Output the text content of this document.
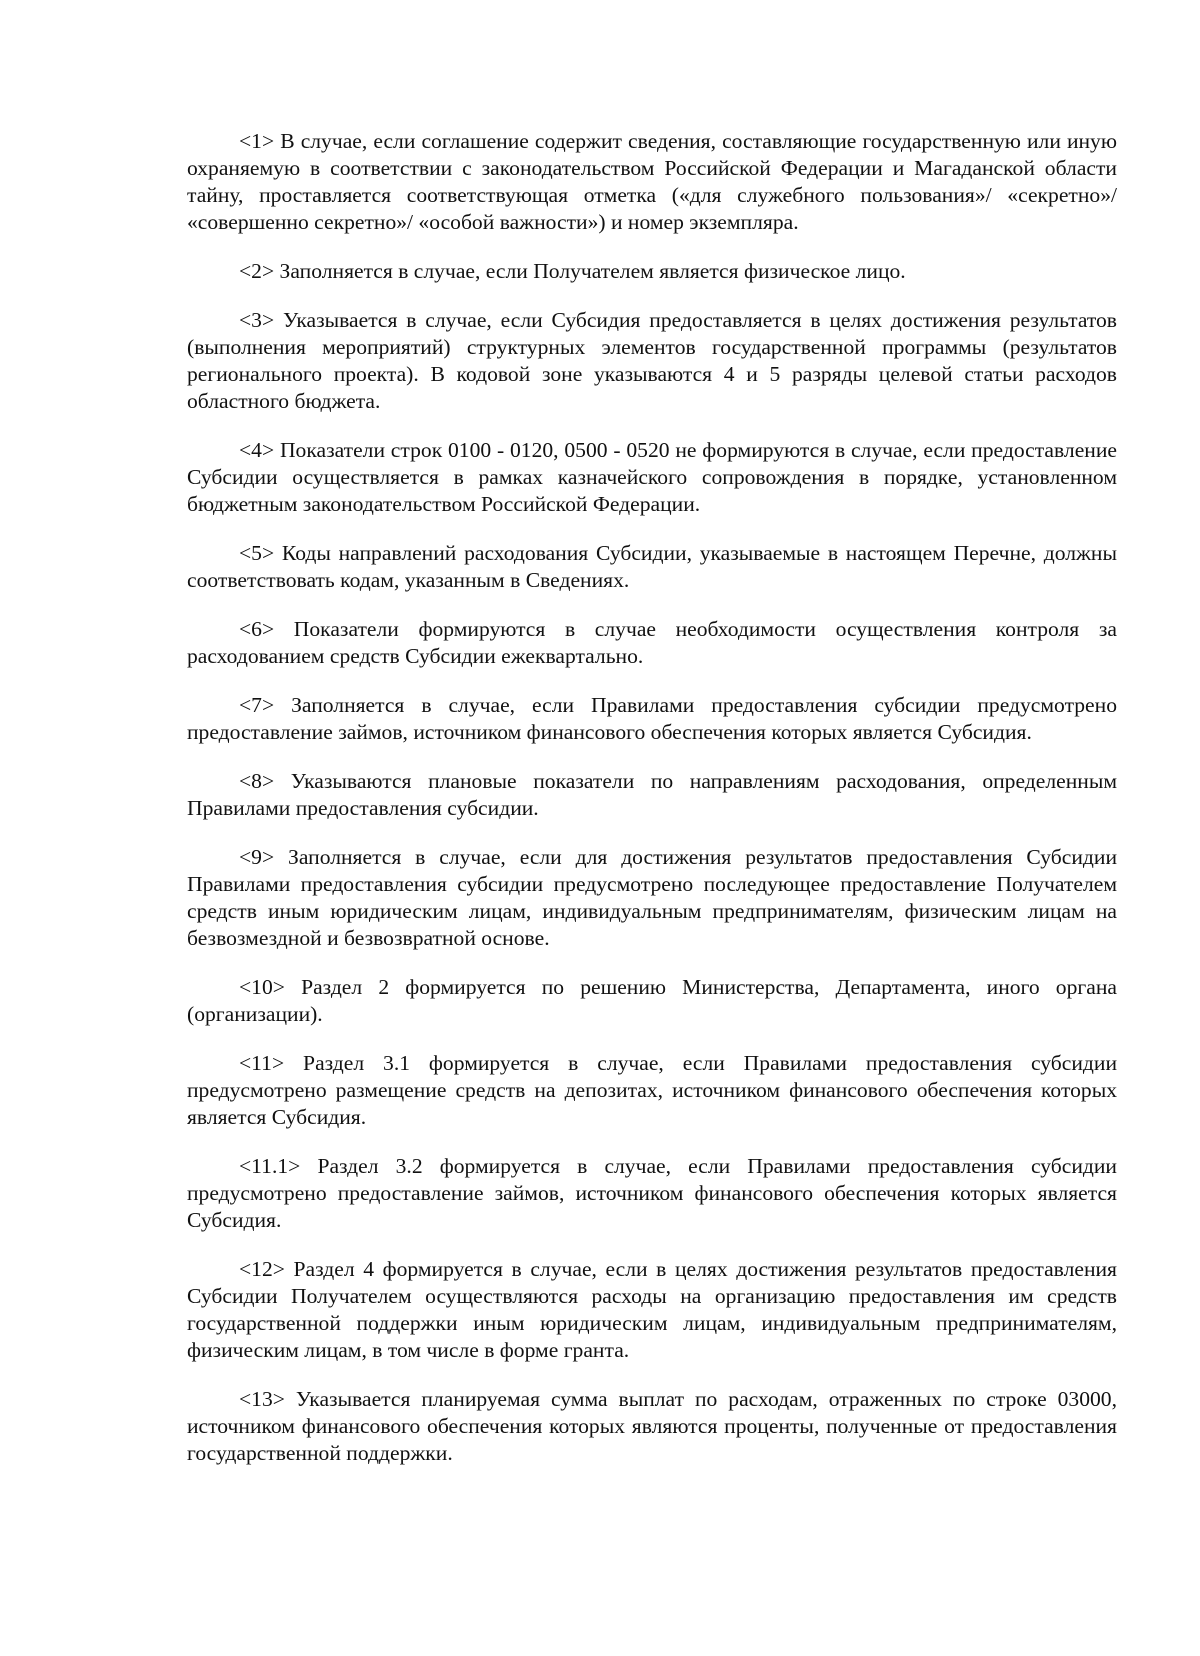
<1> В случае, если соглашение содержит сведения, составляющие государственную или иную охраняемую в соответствии с законодательством Российской Федерации и Магаданской области тайну, проставляется соответствующая отметка («для служебного пользования»/ «секретно»/ «совершенно секретно»/ «особой важности») и номер экземпляра.

<2> Заполняется в случае, если Получателем является физическое лицо.

<3> Указывается в случае, если Субсидия предоставляется в целях достижения результатов (выполнения мероприятий) структурных элементов государственной программы (результатов регионального проекта). В кодовой зоне указываются 4 и 5 разряды целевой статьи расходов областного бюджета.

<4> Показатели строк 0100 - 0120, 0500 - 0520 не формируются в случае, если предоставление Субсидии осуществляется в рамках казначейского сопровождения в порядке, установленном бюджетным законодательством Российской Федерации.

<5> Коды направлений расходования Субсидии, указываемые в настоящем Перечне, должны соответствовать кодам, указанным в Сведениях.

<6> Показатели формируются в случае необходимости осуществления контроля за расходованием средств Субсидии ежеквартально.

<7> Заполняется в случае, если Правилами предоставления субсидии предусмотрено предоставление займов, источником финансового обеспечения которых является Субсидия.

<8> Указываются плановые показатели по направлениям расходования, определенным Правилами предоставления субсидии.

<9> Заполняется в случае, если для достижения результатов предоставления Субсидии Правилами предоставления субсидии предусмотрено последующее предоставление Получателем средств иным юридическим лицам, индивидуальным предпринимателям, физическим лицам на безвозмездной и безвозвратной основе.

<10> Раздел 2 формируется по решению Министерства, Департамента, иного органа (организации).

<11> Раздел 3.1 формируется в случае, если Правилами предоставления субсидии предусмотрено размещение средств на депозитах, источником финансового обеспечения которых является Субсидия.

<11.1> Раздел 3.2 формируется в случае, если Правилами предоставления субсидии предусмотрено предоставление займов, источником финансового обеспечения которых является Субсидия.

<12> Раздел 4 формируется в случае, если в целях достижения результатов предоставления Субсидии Получателем осуществляются расходы на организацию предоставления им средств государственной поддержки иным юридическим лицам, индивидуальным предпринимателям, физическим лицам, в том числе в форме гранта.

<13> Указывается планируемая сумма выплат по расходам, отраженных по строке 03000, источником финансового обеспечения которых являются проценты, полученные от предоставления государственной поддержки.
